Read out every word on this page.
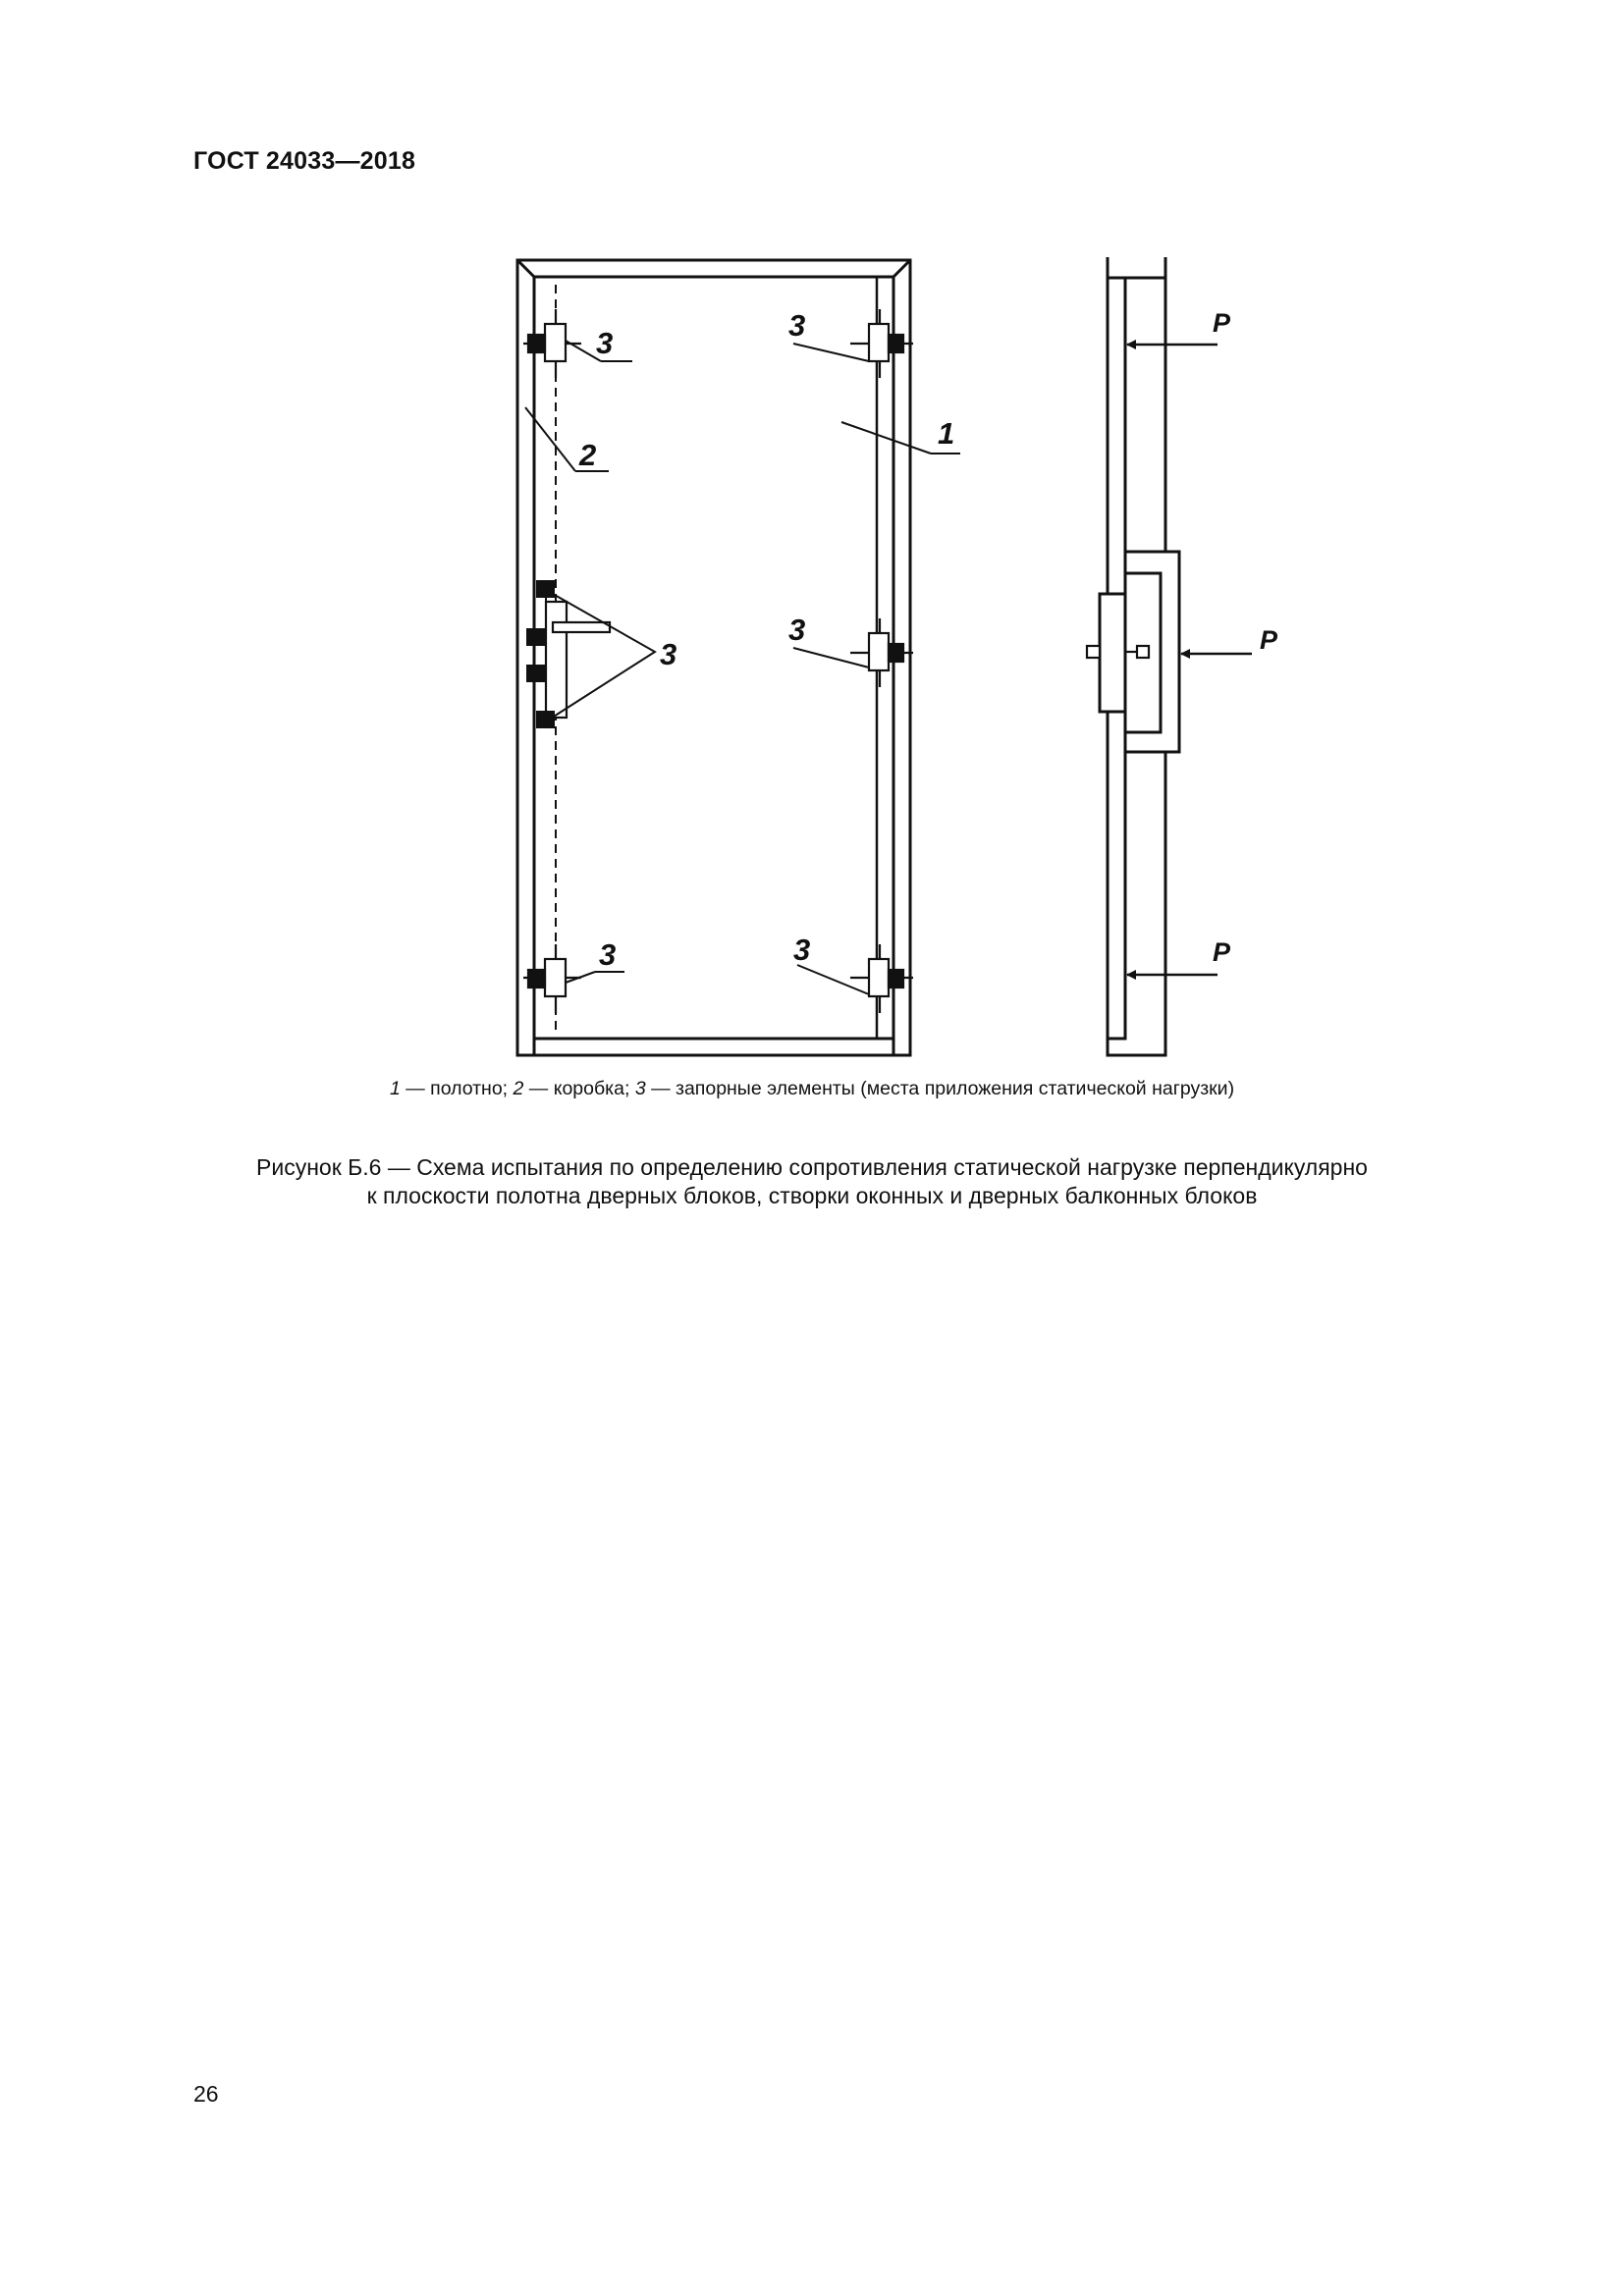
ГОСТ 24033—2018
3
3
2
3
3
1
3
3
P
P
P
1 — полотно; 2 — коробка; 3 — запорные элементы (места приложения статической нагрузки)
Рисунок Б.6 — Схема испытания по определению сопротивления статической нагрузке перпендикулярно
к плоскости полотна дверных блоков, створки оконных и дверных балконных блоков
26
